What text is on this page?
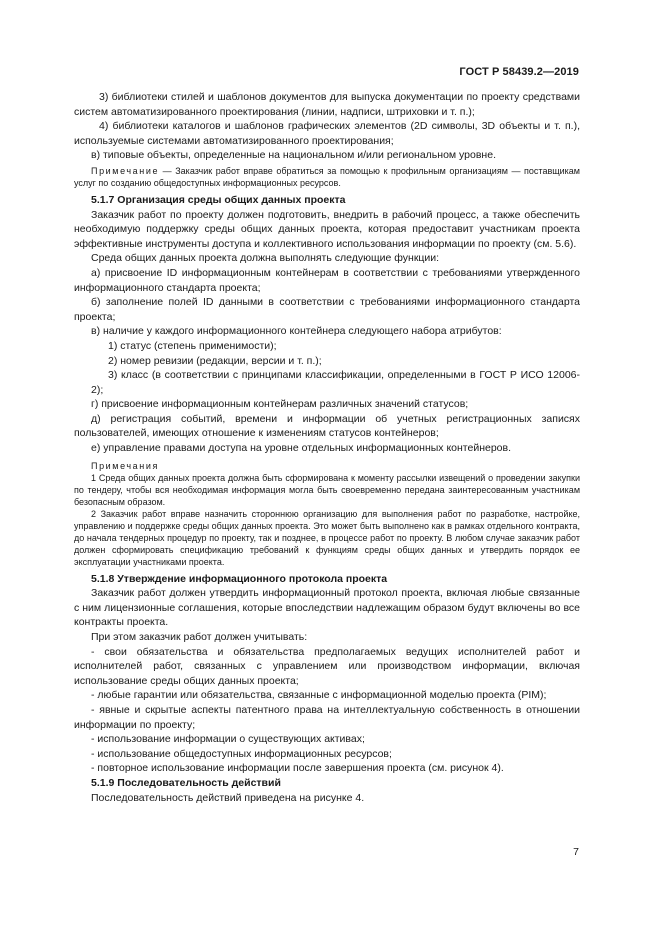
ГОСТ Р 58439.2—2019

3) библиотеки стилей и шаблонов документов для выпуска документации по проекту средствами систем автоматизированного проектирования (линии, надписи, штриховки и т. п.);

4) библиотеки каталогов и шаблонов графических элементов (2D символы, 3D объекты и т. п.), используемые системами автоматизированного проектирования;

в) типовые объекты, определенные на национальном и/или региональном уровне.

Примечание — Заказчик работ вправе обратиться за помощью к профильным организациям — поставщикам услуг по созданию общедоступных информационных ресурсов.

5.1.7 Организация среды общих данных проекта

Заказчик работ по проекту должен подготовить, внедрить в рабочий процесс, а также обеспечить необходимую поддержку среды общих данных проекта, которая предоставит участникам проекта эффективные инструменты доступа и коллективного использования информации по проекту (см. 5.6).

Среда общих данных проекта должна выполнять следующие функции:

а) присвоение ID информационным контейнерам в соответствии с требованиями утвержденного информационного стандарта проекта;

б) заполнение полей ID данными в соответствии с требованиями информационного стандарта проекта;

в) наличие у каждого информационного контейнера следующего набора атрибутов:

1) статус (степень применимости);

2) номер ревизии (редакции, версии и т. п.);

3) класс (в соответствии с принципами классификации, определенными в ГОСТ Р ИСО 12006-2);

г) присвоение информационным контейнерам различных значений статусов;

д) регистрация событий, времени и информации об учетных регистрационных записях пользователей, имеющих отношение к изменениям статусов контейнеров;

е) управление правами доступа на уровне отдельных информационных контейнеров.

Примечания

1 Среда общих данных проекта должна быть сформирована к моменту рассылки извещений о проведении закупки по тендеру, чтобы вся необходимая информация могла быть своевременно передана заинтересованным участникам безопасным образом.

2 Заказчик работ вправе назначить стороннюю организацию для выполнения работ по разработке, настройке, управлению и поддержке среды общих данных проекта. Это может быть выполнено как в рамках отдельного контракта, до начала тендерных процедур по проекту, так и позднее, в процессе работ по проекту. В любом случае заказчик работ должен сформировать спецификацию требований к функциям среды общих данных и утвердить порядок ее эксплуатации участниками проекта.

5.1.8 Утверждение информационного протокола проекта

Заказчик работ должен утвердить информационный протокол проекта, включая любые связанные с ним лицензионные соглашения, которые впоследствии надлежащим образом будут включены во все контракты проекта.

При этом заказчик работ должен учитывать:

- свои обязательства и обязательства предполагаемых ведущих исполнителей работ и исполнителей работ, связанных с управлением или производством информации, включая использование среды общих данных проекта;

- любые гарантии или обязательства, связанные с информационной моделью проекта (PIM);

- явные и скрытые аспекты патентного права на интеллектуальную собственность в отношении информации по проекту;

- использование информации о существующих активах;

- использование общедоступных информационных ресурсов;

- повторное использование информации после завершения проекта (см. рисунок 4).

5.1.9 Последовательность действий

Последовательность действий приведена на рисунке 4.

7
